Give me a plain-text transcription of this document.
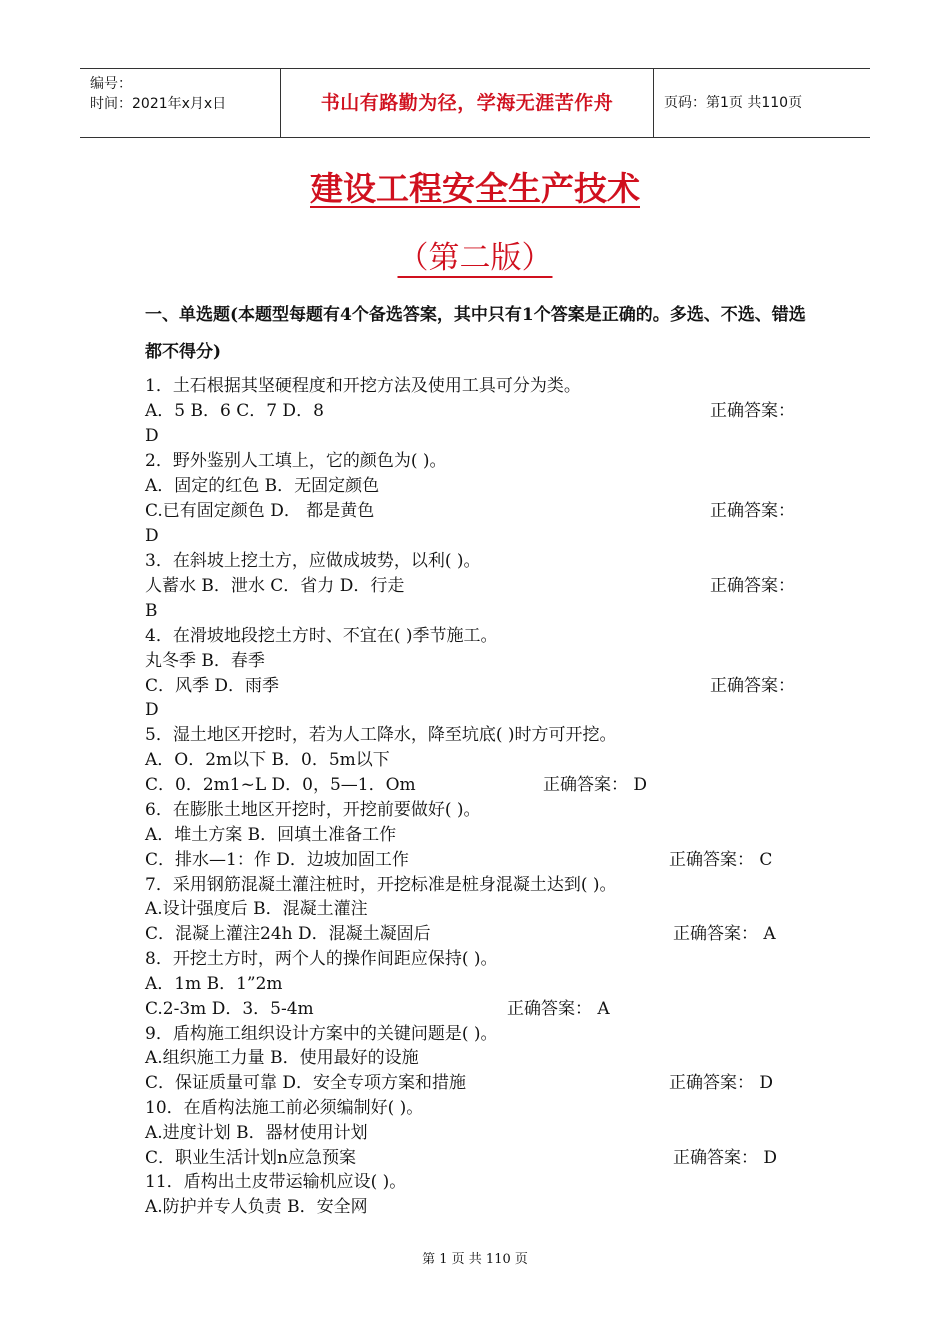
编号：
时间：2021年x月x日	书山有路勤为径，学海无涯苦作舟	页码：第1页 共110页
建设工程安全生产技术
（第二版）
一、单选题(本题型每题有4个备选答案，其中只有1个答案是正确的。多选、不选、错选都不得分)
1．土石根据其坚硬程度和开挖方法及使用工具可分为类。
A．5 B．6 C．7 D．8	正确答案：
D
2．野外鉴别人工填上，它的颜色为( )。
A．固定的红色 B．无固定颜色
C.已有固定颜色 D． 都是黄色	正确答案：
D
3．在斜坡上挖土方，应做成坡势，以利( )。
人蓄水 B．泄水 C．省力 D．行走	正确答案：
B
4．在滑坡地段挖土方时、不宜在( )季节施工。
丸冬季 B．春季
C．风季 D．雨季	正确答案：
D
5．湿土地区开挖时，若为人工降水，降至坑底( )时方可开挖。
A．O．2m以下 B．0．5m以下
C．0．2m1~L D．0，5—1．Om	正确答案： D
6．在膨胀土地区开挖时，开挖前要做好( )。
A．堆土方案 B．回填土准备工作
C．排水—1：作 D．边坡加固工作	正确答案： C
7．采用钢筋混凝土灌注桩时，开挖标准是桩身混凝土达到( )。
A.设计强度后 B．混凝土灌注
C．混凝上灌注24h D．混凝土凝固后	正确答案： A
8．开挖土方时，两个人的操作间距应保持( )。
A．1m B．1”2m
C.2-3m D．3．5-4m	正确答案： A
9．盾构施工组织设计方案中的关键问题是( )。
A.组织施工力量 B．使用最好的设施
C．保证质量可靠 D．安全专项方案和措施	正确答案： D
10．在盾构法施工前必须编制好( )。
A.进度计划 B．器材使用计划
C．职业生活计划n应急预案	正确答案： D
11．盾构出土皮带运输机应设( )。
A.防护并专人负责 B．安全网
第 1 页 共 110 页
